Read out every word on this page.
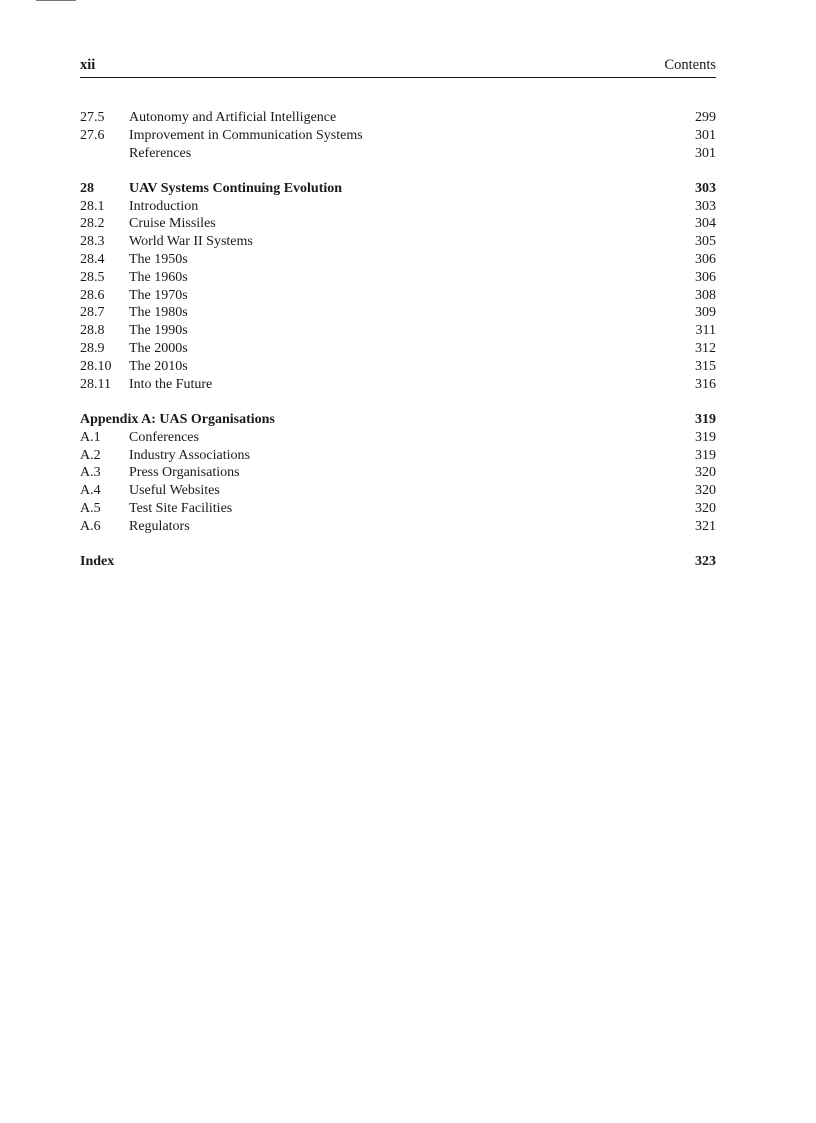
xii	Contents
27.5 Autonomy and Artificial Intelligence	299
27.6 Improvement in Communication Systems	301
References	301
28	UAV Systems Continuing Evolution	303
28.1 Introduction	303
28.2 Cruise Missiles	304
28.3 World War II Systems	305
28.4 The 1950s	306
28.5 The 1960s	306
28.6 The 1970s	308
28.7 The 1980s	309
28.8 The 1990s	311
28.9 The 2000s	312
28.10 The 2010s	315
28.11 Into the Future	316
Appendix A: UAS Organisations	319
A.1 Conferences	319
A.2 Industry Associations	319
A.3 Press Organisations	320
A.4 Useful Websites	320
A.5 Test Site Facilities	320
A.6 Regulators	321
Index	323
